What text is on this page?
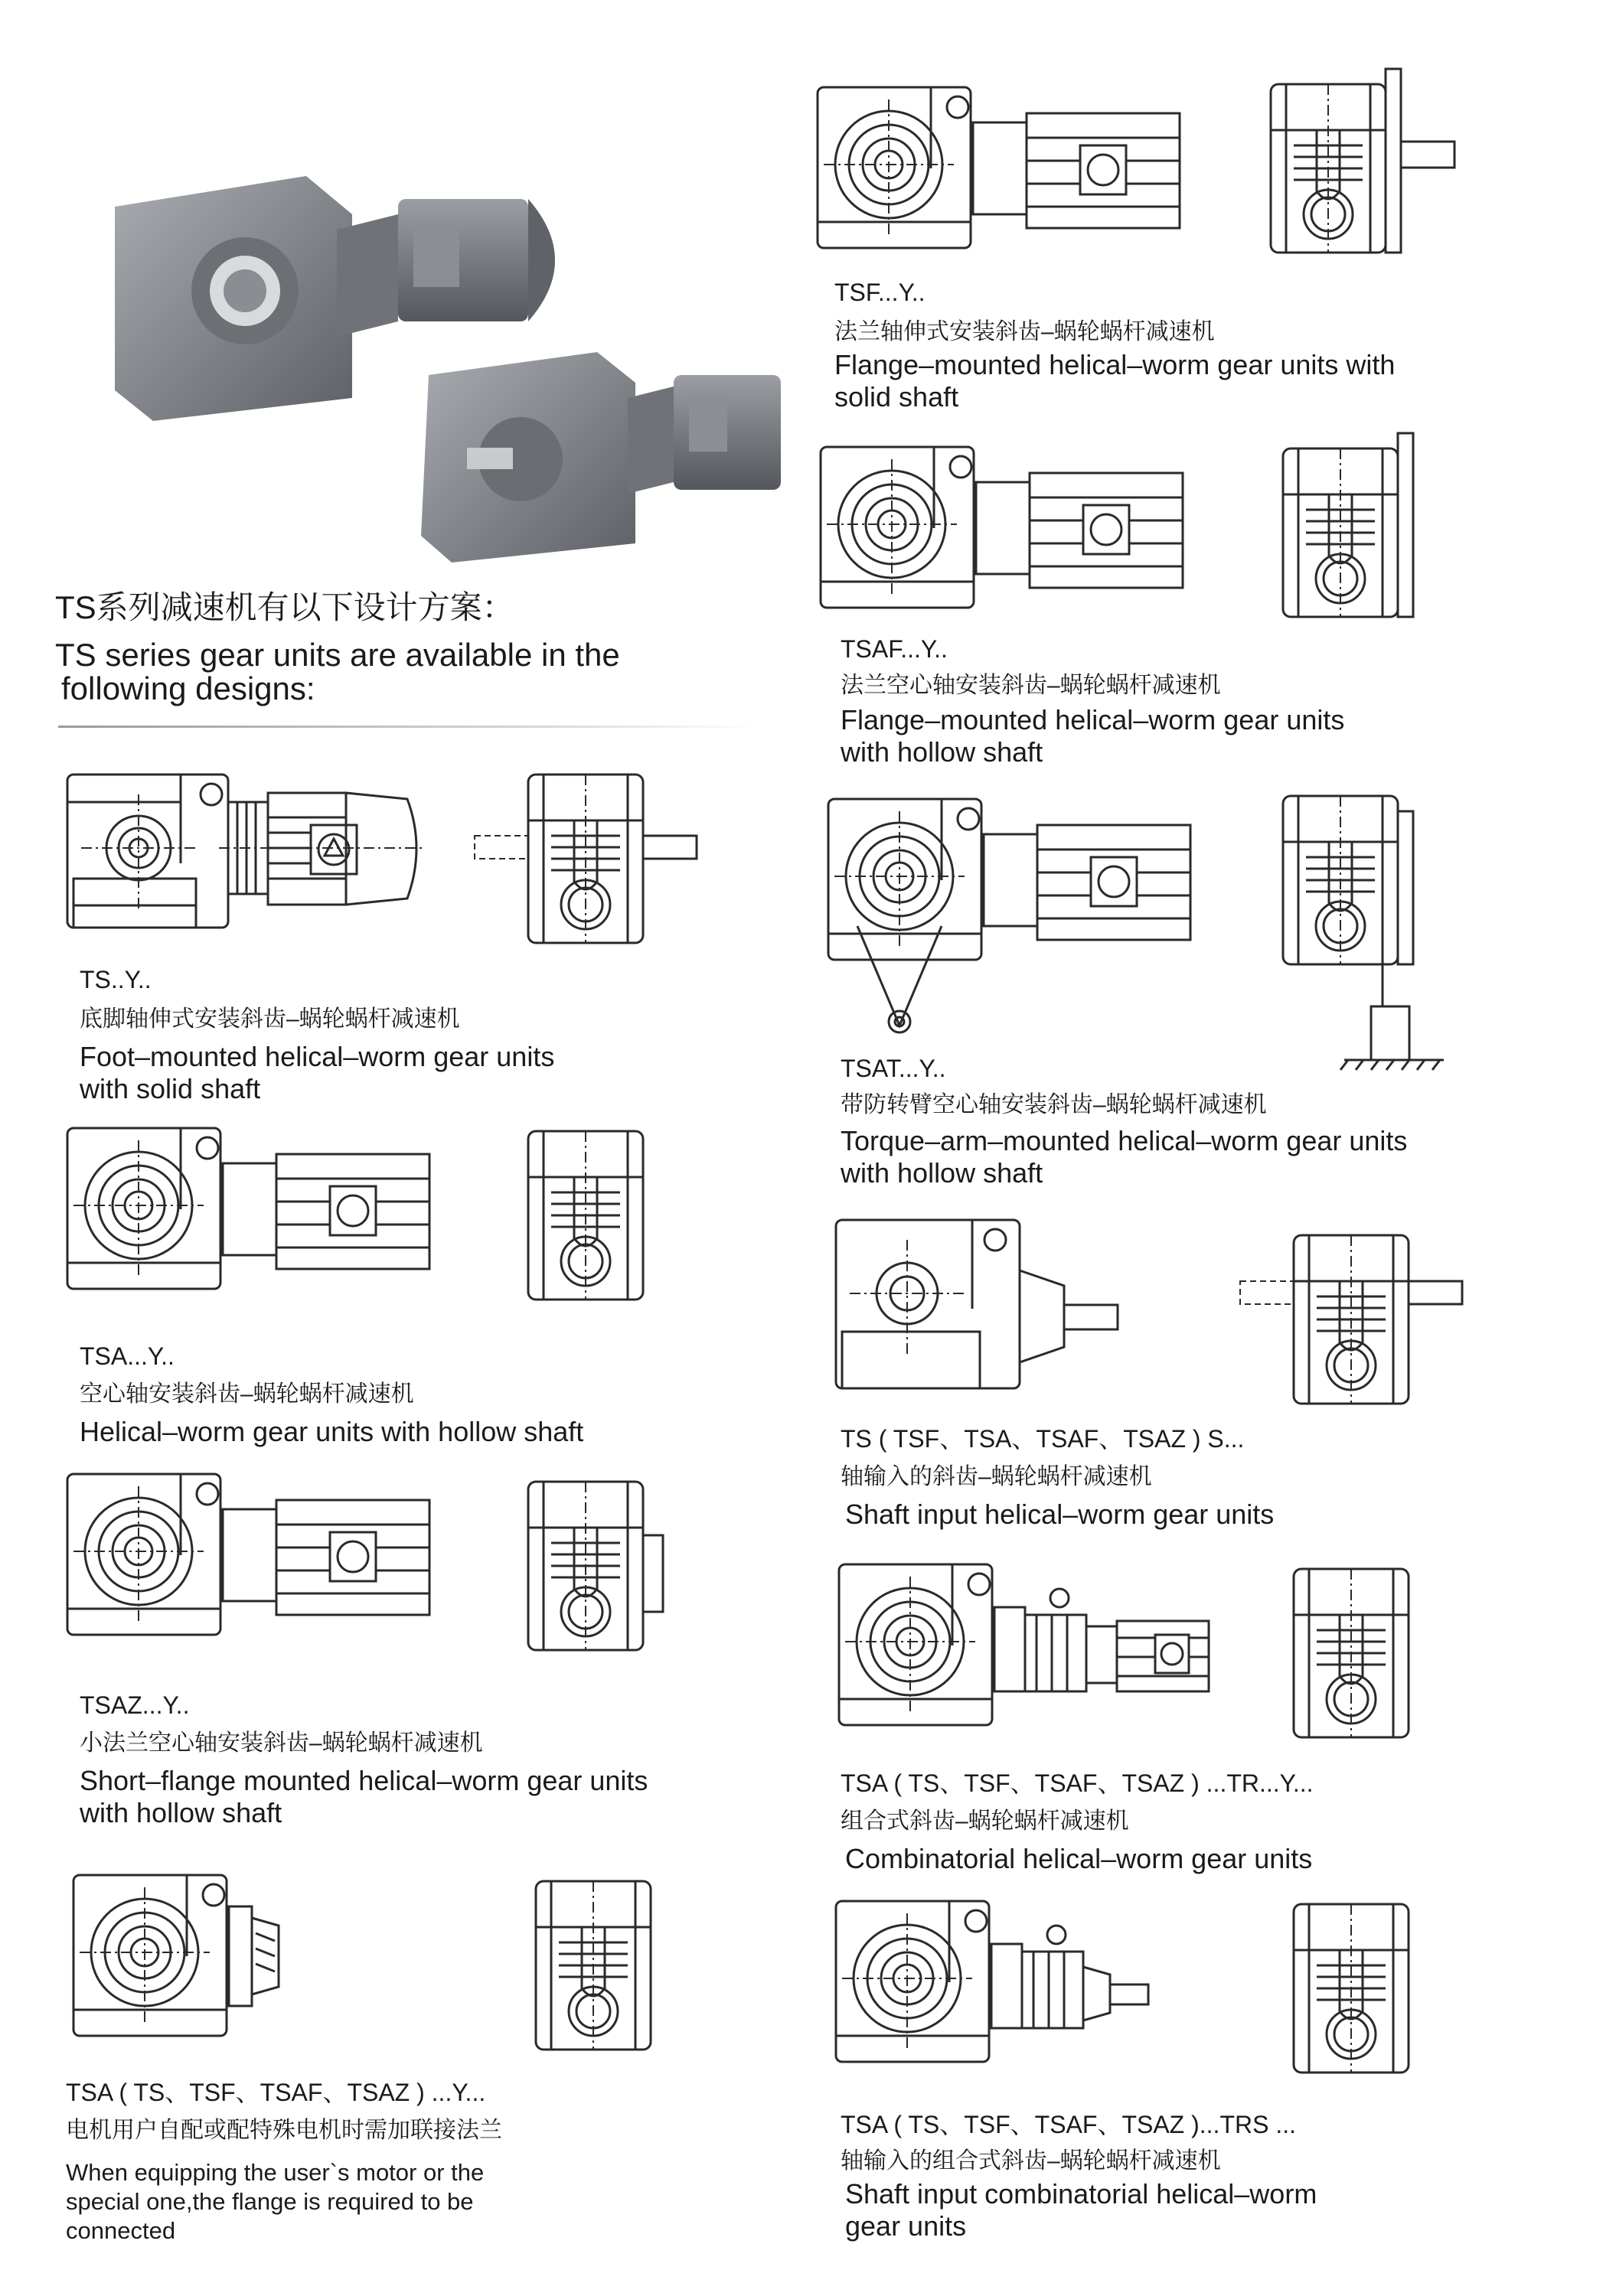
TS系列减速机有以下设计方案：
TS series gear units are available in the
following designs:
TS..Y..
底脚轴伸式安装斜齿–蜗轮蜗杆减速机
Foot–mounted helical–worm gear units
with solid shaft
TSA...Y..
空心轴安装斜齿–蜗轮蜗杆减速机
Helical–worm gear units with hollow shaft
TSAZ...Y..
小法兰空心轴安装斜齿–蜗轮蜗杆减速机
Short–flange mounted helical–worm gear units
with hollow shaft
TSA ( TS、TSF、TSAF、TSAZ ) ...Y...
电机用户自配或配特殊电机时需加联接法兰
When equipping the user`s motor or the
special one,the flange is required to be
connected
TSF...Y..
法兰轴伸式安装斜齿–蜗轮蜗杆减速机
Flange–mounted helical–worm gear units with
solid shaft
TSAF...Y..
法兰空心轴安装斜齿–蜗轮蜗杆减速机
Flange–mounted helical–worm gear units
with hollow shaft
TSAT...Y..
带防转臂空心轴安装斜齿–蜗轮蜗杆减速机
Torque–arm–mounted helical–worm gear units
with hollow shaft
TS ( TSF、TSA、TSAF、TSAZ ) S...
轴输入的斜齿–蜗轮蜗杆减速机
Shaft input helical–worm gear units
TSA ( TS、TSF、TSAF、TSAZ ) ...TR...Y...
组合式斜齿–蜗轮蜗杆减速机
Combinatorial helical–worm gear units
TSA ( TS、TSF、TSAF、TSAZ )...TRS ...
轴输入的组合式斜齿–蜗轮蜗杆减速机
Shaft input combinatorial helical–worm
gear units
